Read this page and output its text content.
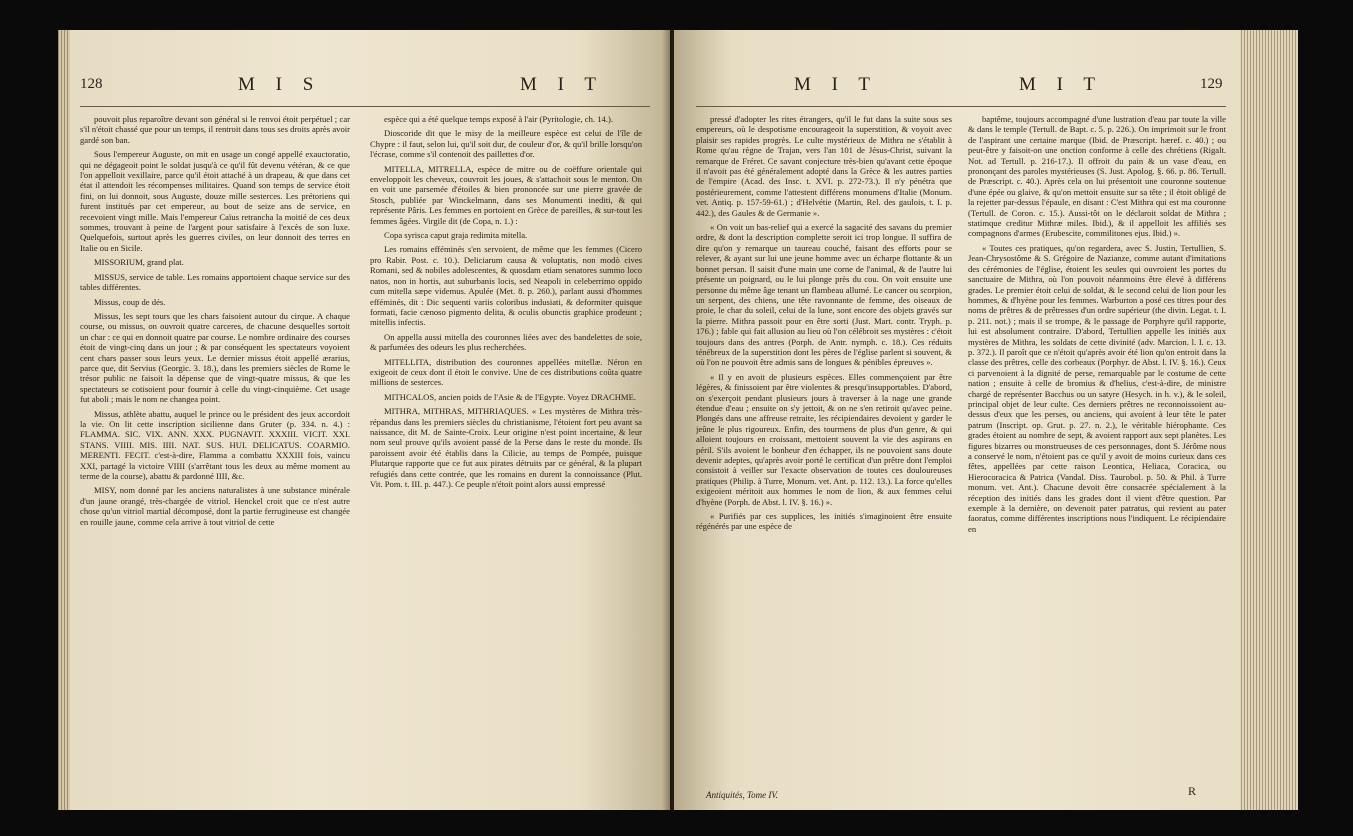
128	M I S	M I T

pouvoit plus reparoître devant son général si le renvoi étoit perpétuel ; car s'il n'étoit chassé que pour un temps, il rentroit dans tous ses droits après avoir gardé son ban.

Sous l'empereur Auguste, on mit en usage un congé appellé exauctoratio, qui ne dégageoit point le soldat jusqu'à ce qu'il fût devenu vétéran, & ce que l'on appelloit vexillaire, parce qu'il étoit attaché à un drapeau, & que dans cet état il attendoit les récompenses militaires. Quand son temps de service étoit fini, on lui donnoit, sous Auguste, douze mille sesterces. Les prétoriens qui furent institués par cet empereur, au bout de seize ans de service, en recevoient vingt mille. Mais l'empereur Caïus retrancha la moitié de ces deux sommes, trouvant à peine de l'argent pour satisfaire à l'excès de son luxe. Quelquefois, surtout après les guerres civiles, on leur donnoit des terres en Italie ou en Sicile.

MISSORIUM, grand plat.

MISSUS, service de table. Les romains apportoient chaque service sur des tables différentes.

Missus, coup de dés.

Missus, les sept tours que les chars faisoient autour du cirque. A chaque course, ou missus, on ouvroit quatre carceres, de chacune desquelles sortoit un char : ce qui en donnoit quatre par course. Le nombre ordinaire des courses étoit de vingt-cinq dans un jour ; & par conséquent les spectateurs voyoient cent chars passer sous leurs yeux. Le dernier missus étoit appellé ærarius, parce que, dit Servius (Georgic. 3. 18.), dans les premiers siècles de Rome le trésor public ne faisoit la dépense que de vingt-quatre missus, & que les spectateurs se cotisoient pour fournir à celle du vingt-cinquième. Cet usage fut aboli ; mais le nom ne changea point.

Missus, athlète abattu, auquel le prince ou le président des jeux accordoit la vie. On lit cette inscription sicilienne dans Gruter (p. 334. n. 4.) : FLAMMA. SIC. VIX. ANN. XXX. PUGNAVIT. XXXIII. VICIT. XXI. STANS. VIIII. MIS. IIII. NAT. SUS. HUI. DELICATUS. COARMIO. MERENTI. FECIT. c'est-à-dire, Flamma a combattu XXXIII fois, vaincu XXI, partagé la victoire VIIII (s'arrêtant tous les deux au même moment au terme de la course), abattu & pardonné IIII, &c.

MISY, nom donné par les anciens naturalistes à une substance minérale d'un jaune orangé, très-chargée de vitriol. Henckel croit que ce n'est autre chose qu'un vitriol martial décomposé, dont la partie ferrugineuse est changée en rouille jaune, comme cela arrive à tout vitriol de cette

espèce qui a été quelque temps exposé à l'air (Pyritologie, ch. 14.).

Dioscoride dit que le misy de la meilleure espèce est celui de l'île de Chypre : il faut, selon lui, qu'il soit dur, de couleur d'or, & qu'il brille lorsqu'on l'écrase, comme s'il contenoit des paillettes d'or.

MITELLA, MITRELLA, espèce de mitre ou de coëffure orientale qui enveloppoit les cheveux, couvroit les joues, & s'attachoit sous le menton. On en voit une parsemée d'étoiles & bien prononcée sur une pierre gravée de Stosch, publiée par Winckelmann, dans ses Monumenti inediti, & qui représente Pâris. Les femmes en portoient en Grèce de pareilles, & sur-tout les femmes âgées. Virgile dit (de Copa, n. 1.) :

Copa syrisca caput graja redimita mitella.

Les romains efféminés s'en servoient, de même que les femmes (Cicero pro Rabir. Post. c. 10.). Deliciarum causa & voluptatis, non modò cives Romani, sed & nobiles adolescentes, & quosdam etiam senatores summo loco natos, non in hortis, aut suburbanis locis, sed Neapoli in celeberrimo oppido cum mitella sæpe videmus. Apulée (Met. 8. p. 260.), parlant aussi d'hommes efféminés, dit : Dic sequenti variis coloribus indusiati, & deformiter quisque formati, facie cænoso pigmento delita, & oculis obunctis graphice prodeunt ; mitellis infectis.

On appella aussi mitella des couronnes liées avec des bandelettes de soie, & parfumées des odeurs les plus recherchées.

MITELLITA, distribution des couronnes appellées mitellæ. Néron en exigeoit de ceux dont il étoit le convive. Une de ces distributions coûta quatre millions de sesterces.

MITHCALOS, ancien poids de l'Asie & de l'Egypte. Voyez DRACHME.

MITHRA, MITHRAS, MITHRIAQUES. « Les mystères de Mithra très-répandus dans les premiers siècles du christianisme, l'étoient fort peu avant sa naissance, dit M. de Sainte-Croix. Leur origine n'est point incertaine, & leur nom seul prouve qu'ils avoient passé de la Perse dans le reste du monde. Ils paroissent avoir été établis dans la Cilicie, au temps de Pompée, puisque Plutarque rapporte que ce fut aux pirates détruits par ce général, & la plupart refugiés dans cette contrée, que les romains en durent la connoissance (Plut. Vit. Pom. t. III. p. 447.). Ce peuple n'étoit point alors aussi empressé

M I T	M I T	129

pressé d'adopter les rites étrangers, qu'il le fut dans la suite sous ses empereurs, où le despotisme encourageoit la superstition, & voyoit avec plaisir ses rapides progrès. Le culte mystérieux de Mithra ne s'établit à Rome qu'au règne de Trajan, vers l'an 101 de Jésus-Christ, suivant la remarque de Fréret. Ce savant conjecture très-bien qu'avant cette époque il n'avoit pas été généralement adopté dans la Grèce & les autres parties de l'empire (Acad. des Insc. t. XVI. p. 272-73.). Il n'y pénétra que postérieurement, comme l'attestent différens monumens d'Italie (Monum. vet. Antiq. p. 157-59-61.) ; d'Helvétie (Martin, Rel. des gaulois, t. I. p. 442.), des Gaules & de Germanie ».

« On voit un bas-relief qui a exercé la sagacité des savans du premier ordre, & dont la description complette seroit ici trop longue. Il suffira de dire qu'on y remarque un taureau couché, faisant des efforts pour se relever, & ayant sur lui une jeune homme avec un écharpe flottante & un bonnet persan. Il saisit d'une main une corne de l'animal, & de l'autre lui présente un poignard, ou le lui plonge près du cou. On voit ensuite une personne du même âge tenant un flambeau allumé. Le cancer ou scorpion, un serpent, des chiens, une tête ravonnante de femme, des oiseaux de proie, le char du soleil, celui de la lune, sont encore des objets gravés sur la pierre. Mithra passoit pour en être sorti (Just. Mart. contr. Tryph. p. 176.) ; fable qui fait allusion au lieu où l'on célébroit ses mystères : c'étoit toujours dans des antres (Porph. de Antr. nymph. c. 18.). Ces réduits ténébreux de la superstition dont les pères de l'église parlent si souvent, & où l'on ne pouvoit être admis sans de longues & pénibles épreuves ».

« Il y en avoit de plusieurs espèces. Elles commençoient par être légères, & finissoient par être violentes & presqu'insupportables. D'abord, on s'exerçoit pendant plusieurs jours à traverser à la nage une grande étendue d'eau ; ensuite on s'y jettoit, & on ne s'en retiroit qu'avec peine. Plongés dans une affreuse retraite, les récipiendaires devoient y garder le jeûne le plus rigoureux. Enfin, des tourmens de plus d'un genre, & qui alloient toujours en croissant, mettoient souvent la vie des aspirans en péril. S'ils avoient le bonheur d'en échapper, ils ne pouvoient sans doute devenir adeptes, qu'après avoir porté le certificat d'un prêtre dont l'emploi consistoit à veiller sur l'exacte observation de toutes ces douloureuses pratiques (Philip. à Turre, Monum. vet. Ant. p. 112. 13.). La force qu'elles exigeoient méritoit aux hommes le nom de lion, & aux femmes celui d'hyène (Porph. de Abst. l. IV. §. 16.) ».

« Purifiés par ces supplices, les initiés s'imaginoient être ensuite régénérés par une espèce de

baptême, toujours accompagné d'une lustration d'eau par toute la ville & dans le temple (Tertull. de Bapt. c. 5. p. 226.). On imprimoit sur le front de l'aspirant une certaine marque (Ibid. de Præscript. hæref. c. 40.) ; ou peut-être y faisoit-on une onction conforme à celle des chrétiens (Rigalt. Not. ad Tertull. p. 216-17.). Il offroit du pain & un vase d'eau, en prononçant des paroles mystérieuses (S. Just. Apolog. §. 66. p. 86. Tertull. de Præscript. c. 40.). Après cela on lui présentoit une couronne soutenue d'une épée ou glaive, & qu'on mettoit ensuite sur sa tête ; il étoit obligé de la rejetter par-dessus l'épaule, en disant : C'est Mithra qui est ma couronne (Tertull. de Coron. c. 15.). Aussi-tôt on le déclaroit soldat de Mithra ; statimque creditur Mithræ miles. Ibid.), & il appelloit les affiliés ses compagnons d'armes (Erubescite, commilitones ejus. Ibid.) ».

« Toutes ces pratiques, qu'on regardera, avec S. Justin, Tertullien, S. Jean-Chrysostôme & S. Grégoire de Nazianze, comme autant d'imitations des cérémonies de l'église, étoient les seules qui ouvroient les portes du sanctuaire de Mithra, où l'on pouvoit néanmoins être élevé à différens grades. Le premier étoit celui de soldat, & le second celui de lion pour les hommes, & d'hyène pour les femmes. Warburton a posé ces titres pour des noms de prêtres & de prêtresses d'un ordre supérieur (the divin. Legat. t. I. p. 211. not.) ; mais il se trompe, & le passage de Porphyre qu'il rapporte, lui est absolument contraire. D'abord, Tertullien appelle les initiés aux mystères de Mithra, les soldats de cette divinité (adv. Marcion. l. I. c. 13. p. 372.). Il paroît que ce n'étoit qu'après avoir été lion qu'on entroit dans la classe des prêtres, celle des corbeaux (Porphyr. de Abst. l. IV. §. 16.). Ceux ci parvenoient à la dignité de perse, remarquable par le costume de cette nation ; ensuite à celle de bromius & d'helius, c'est-à-dire, de ministre chargé de représenter Bacchus ou un satyre (Hesych. in h. v.), & le soleil, principal objet de leur culte. Ces derniers prêtres ne reconnoissoient au-dessus d'eux que les perses, ou anciens, qui avoient à leur tête le pater patrum (Inscript. op. Grut. p. 27. n. 2.), le véritable hiérophante. Ces grades étoient au nombre de sept, & avoient rapport aux sept planètes. Les figures bizarres ou monstrueuses de ces personnages, dont S. Jérôme nous a conservé le nom, n'étoient pas ce qu'il y avoit de moins curieux dans ces fêtes, appellées par cette raison Leontica, Heliaca, Coracica, ou Hierocoracica & Patrica (Vandal. Diss. Taurobol. p. 50. & Phil. à Turre monum. vet. Ant.). Chacune devoit être consacrée spécialement à la réception des initiés dans les grades dont il vient d'être question. Par exemple à la dernière, on devenoit pater patratus, qui revient au pater faoratus, comme différentes inscriptions nous l'indiquent. Le récipiendaire en

Antiquités, Tome IV.	R
